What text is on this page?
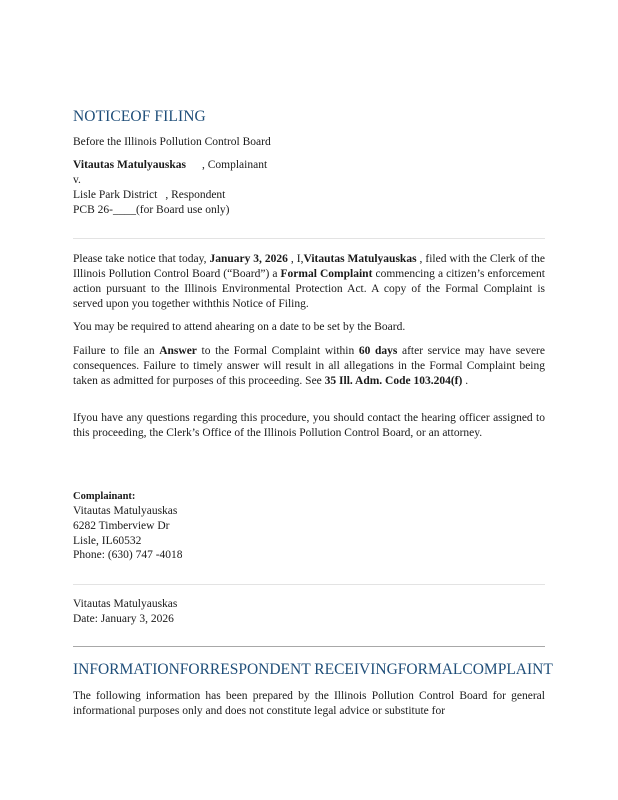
NOTICEOF FILING
Before the Illinois Pollution Control Board
Vitautas Matulyauskas , Complainant
v.
Lisle Park District , Respondent
PCB 26-____(for Board use only)
Please take notice that today, January 3, 2026 , I,Vitautas Matulyauskas , filed with the Clerk of the Illinois Pollution Control Board (“Board”) a Formal Complaint commencing a citizen’s enforcement action pursuant to the Illinois Environmental Protection Act. A copy of the Formal Complaint is served upon you together withthis Notice of Filing.
You may be required to attend ahearing on a date to be set by the Board.
Failure to file an Answer to the Formal Complaint within 60 days after service may have severe consequences. Failure to timely answer will result in all allegations in the Formal Complaint being taken as admitted for purposes of this proceeding. See 35 Ill. Adm. Code 103.204(f) .
Ifyou have any questions regarding this procedure, you should contact the hearing officer assigned to this proceeding, the Clerk’s Office of the Illinois Pollution Control Board, or an attorney.
Complainant:
Vitautas Matulyauskas
6282 Timberview Dr
Lisle, IL60532
Phone: (630) 747 -4018
Vitautas Matulyauskas
Date: January 3, 2026
INFORMATIONFORRESPONDENT RECEIVINGFORMALCOMPLAINT
The following information has been prepared by the Illinois Pollution Control Board for general informational purposes only and does not constitute legal advice or substitute for
